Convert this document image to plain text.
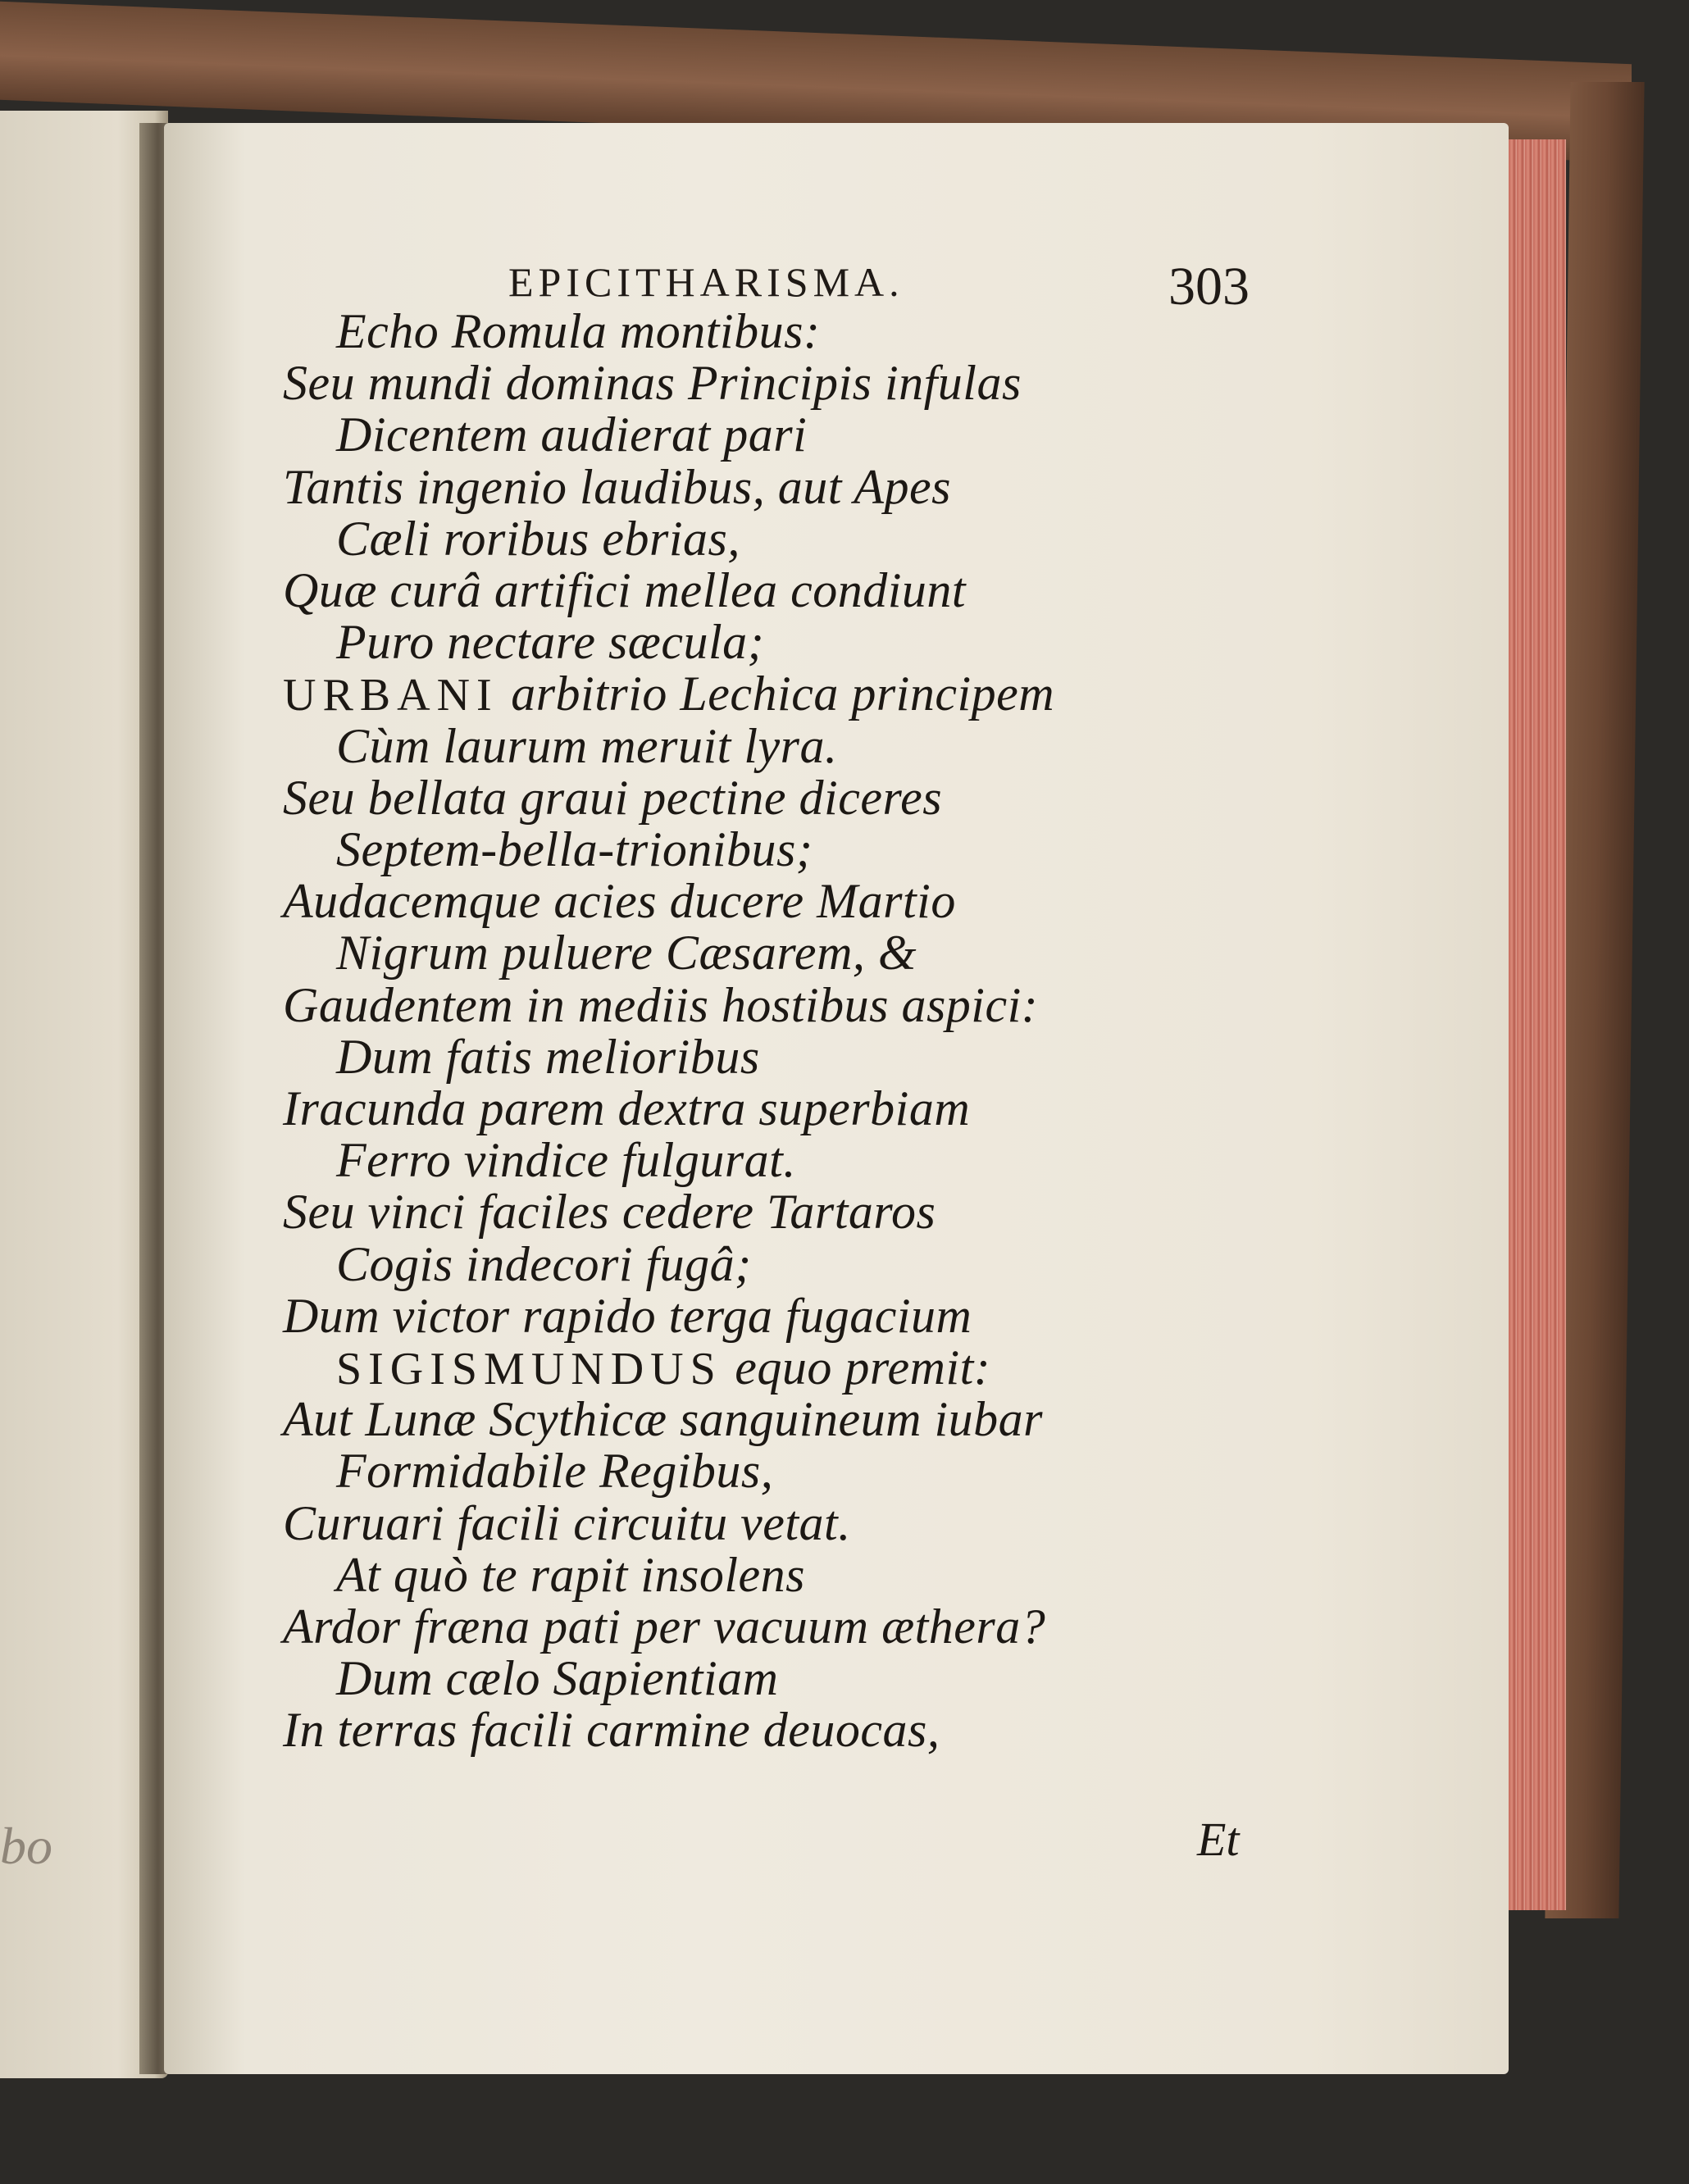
bo
EPICITHARISMA.	303
Echo Romula montibus:
Seu mundi dominas Principis infulas
Dicentem audierat pari
Tantis ingenio laudibus, aut Apes
Cæli roribus ebrias,
Quæ curâ artifici mellea condiunt
Puro nectare sæcula;
URBANI arbitrio Lechica principem
Cùm laurum meruit lyra.
Seu bellata graui pectine diceres
Septem-bella-trionibus;
Audacemque acies ducere Martio
Nigrum puluere Cæsarem, &
Gaudentem in mediis hostibus aspici:
Dum fatis melioribus
Iracunda parem dextra superbiam
Ferro vindice fulgurat.
Seu vinci faciles cedere Tartaros
Cogis indecori fugâ;
Dum victor rapido terga fugacium
SIGISMUNDUS equo premit:
Aut Lunæ Scythicæ sanguineum iubar
Formidabile Regibus,
Curuari facili circuitu vetat.
At quò te rapit insolens
Ardor fræna pati per vacuum æthera?
Dum cælo Sapientiam
In terras facili carmine deuocas,
Et
